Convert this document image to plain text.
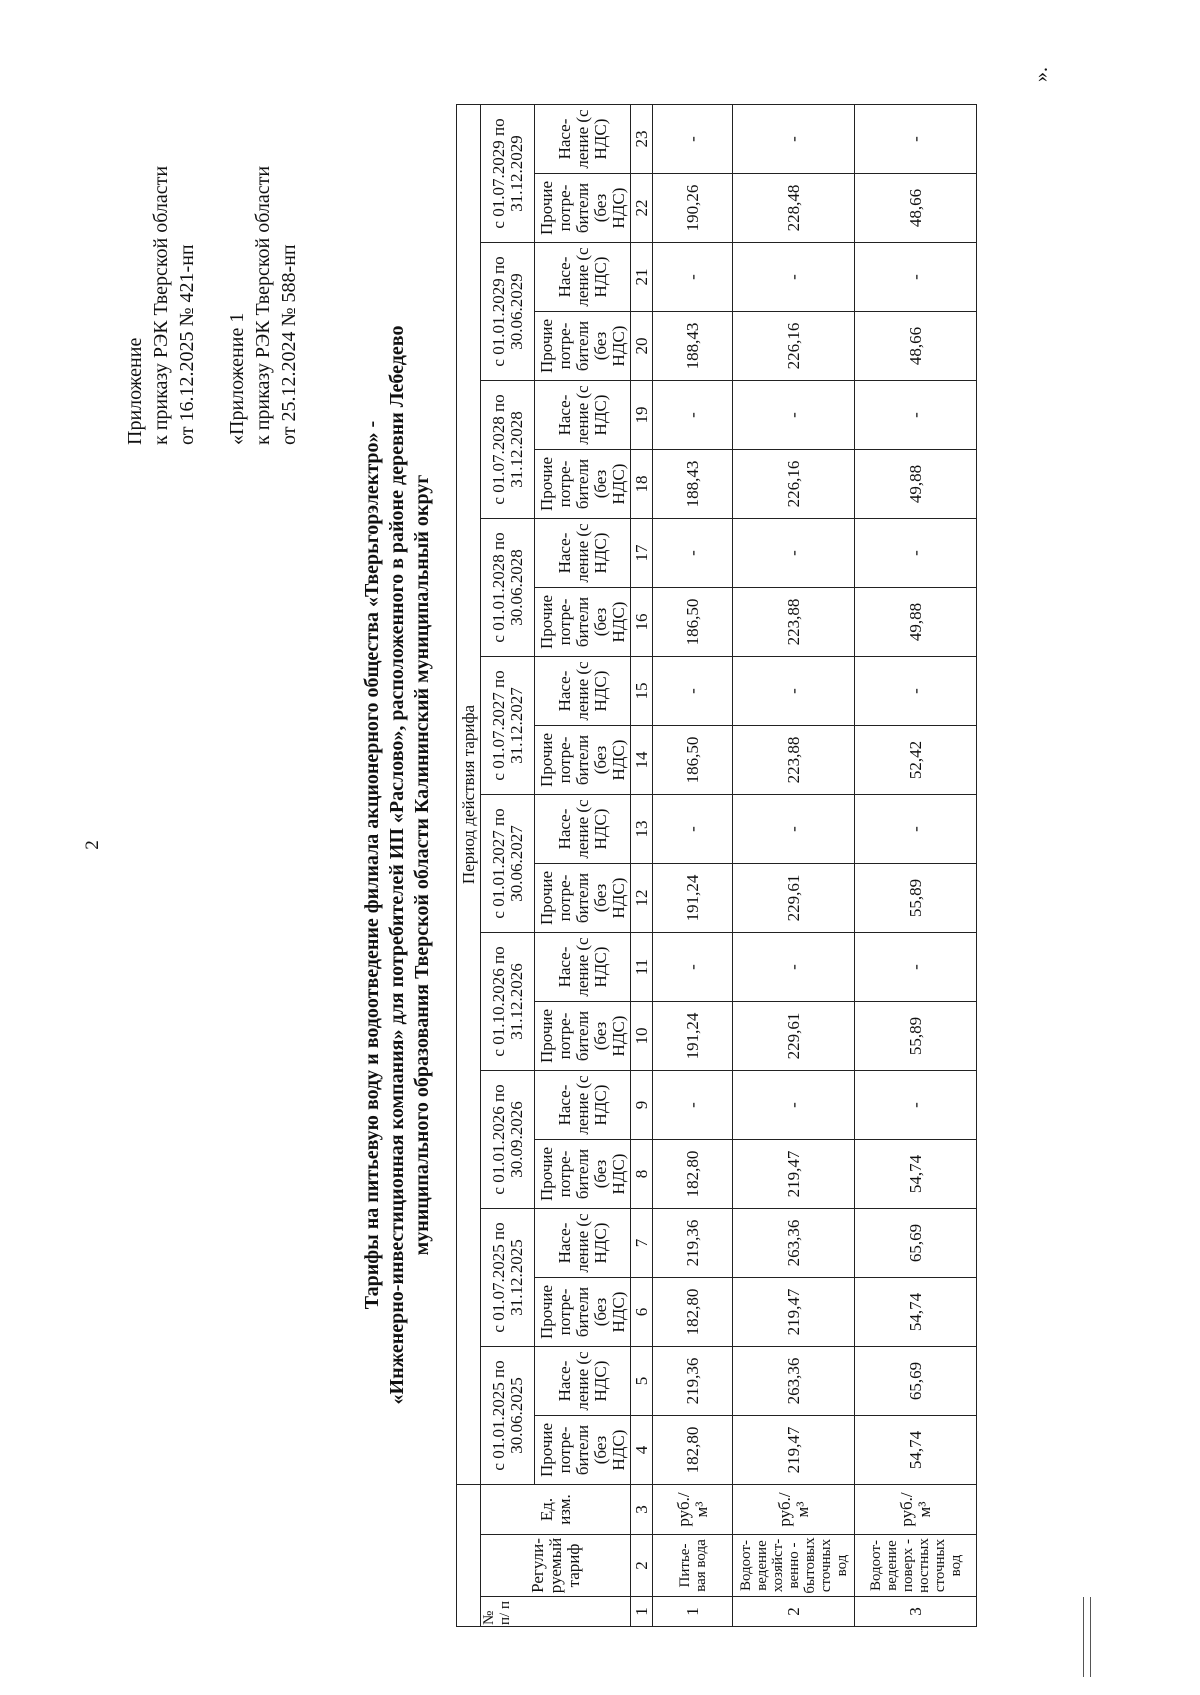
2
Приложение к приказу РЭК Тверской области от 16.12.2025 № 421-нп «Приложение 1 к приказу РЭК Тверской области от 25.12.2024 № 588-нп
Тарифы на питьевую воду и водоотведение филиала акционерного общества «Тверьгорэлектро» - «Инженерно-инвестиционная компания» для потребителей ИП «Раслово», расположенного в районе деревни Лебедево муниципального образования Тверской области Калининский муниципальный округ
			Период действия тарифа																			
№ п/ п	Регули-руемый тариф	Ед. изм.	с 01.01.2025 по 30.06.2025		с 01.07.2025 по 31.12.2025		с 01.01.2026 по 30.09.2026		с 01.10.2026 по 31.12.2026		с 01.01.2027 по 30.06.2027		с 01.07.2027 по 31.12.2027		с 01.01.2028 по 30.06.2028		с 01.07.2028 по 31.12.2028		с 01.01.2029 по 30.06.2029		с 01.07.2029 по 31.12.2029	
			Прочие потре-бители (без НДС)	Насе-ление (с НДС)	Прочие потре-бители (без НДС)	Насе-ление (с НДС)	Прочие потре-бители (без НДС)	Насе-ление (с НДС)	Прочие потре-бители (без НДС)	Насе-ление (с НДС)	Прочие потре-бители (без НДС)	Насе-ление (с НДС)	Прочие потре-бители (без НДС)	Насе-ление (с НДС)	Прочие потре-бители (без НДС)	Насе-ление (с НДС)	Прочие потре-бители (без НДС)	Насе-ление (с НДС)	Прочие потре-бители (без НДС)	Насе-ление (с НДС)	Прочие потре-бители (без НДС)	Насе-ление (с НДС)
1	2	3	4	5	6	7	8	9	10	11	12	13	14	15	16	17	18	19	20	21	22	23
1	Питье-вая вода	руб./м³	182,80	219,36	182,80	219,36	182,80	-	191,24	-	191,24	-	186,50	-	186,50	-	188,43	-	188,43	-	190,26	-
2	Водоот-ведение хозяйст-венно - бытовых сточных вод	руб./м³	219,47	263,36	219,47	263,36	219,47	-	229,61	-	229,61	-	223,88	-	223,88	-	226,16	-	226,16	-	228,48	-
3	Водоот-ведение поверх - ностных сточных вод	руб./м³	54,74	65,69	54,74	65,69	54,74	-	55,89	-	55,89	-	52,42	-	49,88	-	49,88	-	48,66	-	48,66	-
».
